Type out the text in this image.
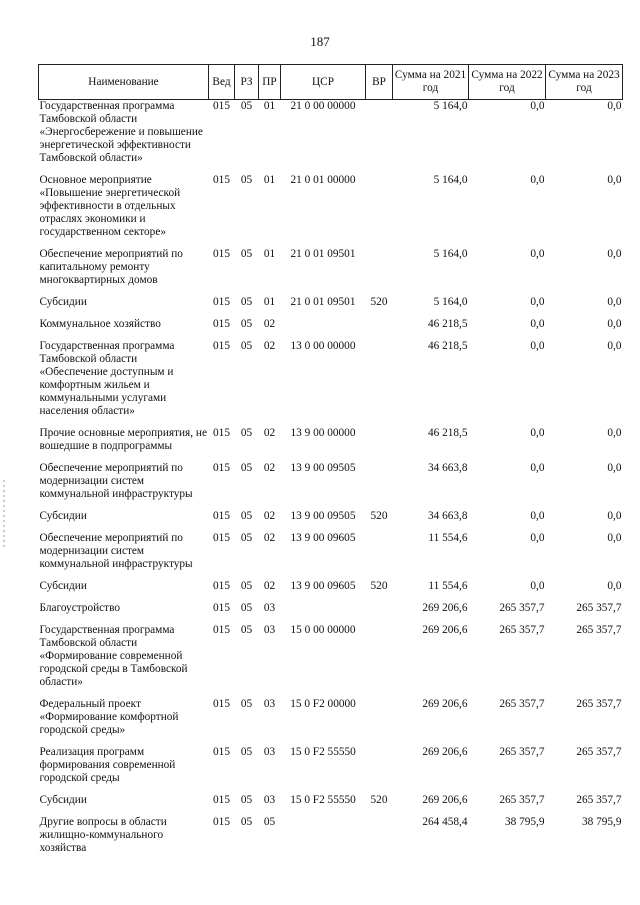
187
Наименование	Вед	РЗ	ПР	ЦСР	ВР	Сумма на 2021 год	Сумма на 2022 год	Сумма на 2023 год
Государственная программа Тамбовской области «Энергосбережение и повышение энергетической эффективности Тамбовской области»	015	05	01	21 0 00 00000		5 164,0	0,0	0,0
Основное мероприятие «Повышение энергетической эффективности в отдельных отраслях экономики и государственном секторе»	015	05	01	21 0 01 00000		5 164,0	0,0	0,0
Обеспечение мероприятий по капитальному ремонту многоквартирных домов	015	05	01	21 0 01 09501		5 164,0	0,0	0,0
Субсидии	015	05	01	21 0 01 09501	520	5 164,0	0,0	0,0
Коммунальное хозяйство	015	05	02			46 218,5	0,0	0,0
Государственная программа Тамбовской области «Обеспечение доступным и комфортным жильем и коммунальными услугами населения области»	015	05	02	13 0 00 00000		46 218,5	0,0	0,0
Прочие основные мероприятия, не вошедшие в подпрограммы	015	05	02	13 9 00 00000		46 218,5	0,0	0,0
Обеспечение мероприятий по модернизации систем коммунальной инфраструктуры	015	05	02	13 9 00 09505		34 663,8	0,0	0,0
Субсидии	015	05	02	13 9 00 09505	520	34 663,8	0,0	0,0
Обеспечение мероприятий по модернизации систем коммунальной инфраструктуры	015	05	02	13 9 00 09605		11 554,6	0,0	0,0
Субсидии	015	05	02	13 9 00 09605	520	11 554,6	0,0	0,0
Благоустройство	015	05	03			269 206,6	265 357,7	265 357,7
Государственная программа Тамбовской области «Формирование современной городской среды в Тамбовской области»	015	05	03	15 0 00 00000		269 206,6	265 357,7	265 357,7
Федеральный проект «Формирование комфортной городской среды»	015	05	03	15 0 F2 00000		269 206,6	265 357,7	265 357,7
Реализация программ формирования современной городской среды	015	05	03	15 0 F2 55550		269 206,6	265 357,7	265 357,7
Субсидии	015	05	03	15 0 F2 55550	520	269 206,6	265 357,7	265 357,7
Другие вопросы в области жилищно-коммунального хозяйства	015	05	05			264 458,4	38 795,9	38 795,9
